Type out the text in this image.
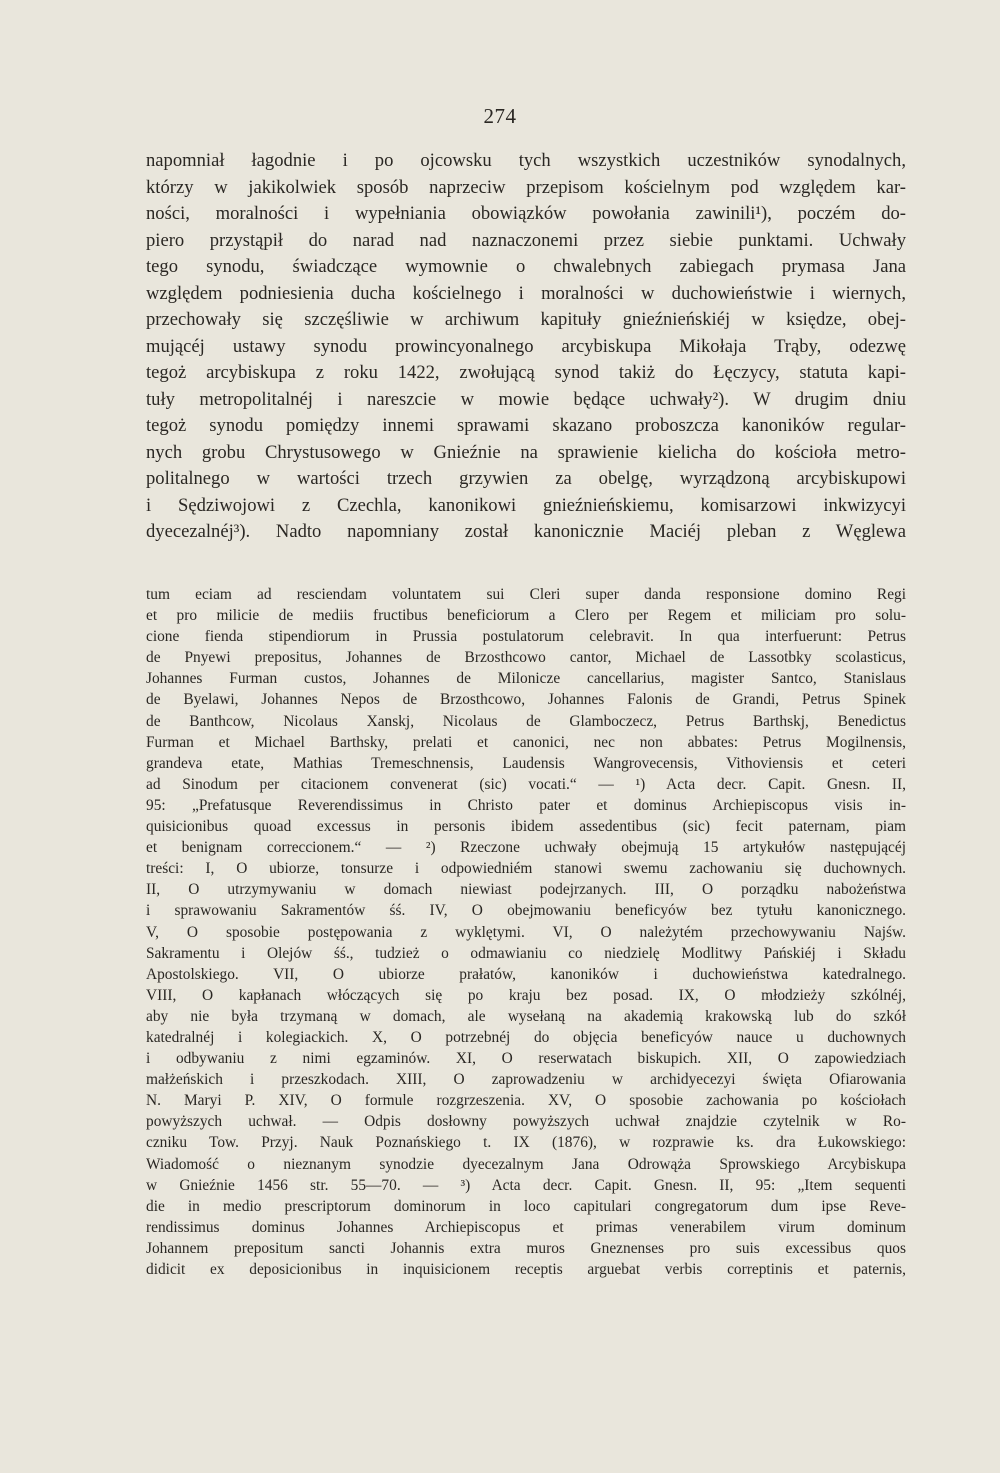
274
napomniał łagodnie i po ojcowsku tych wszystkich uczestników synodalnych,
którzy w jakikolwiek sposób naprzeciw przepisom kościelnym pod względem kar-
ności, moralności i wypełniania obowiązków powołania zawinili¹), poczém do-
piero przystąpił do narad nad naznaczonemi przez siebie punktami. Uchwały
tego synodu, świadczące wymownie o chwalebnych zabiegach prymasa Jana
względem podniesienia ducha kościelnego i moralności w duchowieństwie i wiernych,
przechowały się szczęśliwie w archiwum kapituły gnieźnieńskiéj w księdze, obej-
mującéj ustawy synodu prowincyonalnego arcybiskupa Mikołaja Trąby, odezwę
tegoż arcybiskupa z roku 1422, zwołującą synod takiż do Łęczycy, statuta kapi-
tuły metropolitalnéj i nareszcie w mowie będące uchwały²). W drugim dniu
tegoż synodu pomiędzy innemi sprawami skazano proboszcza kanoników regular-
nych grobu Chrystusowego w Gnieźnie na sprawienie kielicha do kościoła metro-
politalnego w wartości trzech grzywien za obelgę, wyrządzoną arcybiskupowi
i Sędziwojowi z Czechla, kanonikowi gnieźnieńskiemu, komisarzowi inkwizycyi
dyecezalnéj³). Nadto napomniany został kanonicznie Maciéj pleban z Węglewa
tum eciam ad resciendam voluntatem sui Cleri super danda responsione domino Regi
et pro milicie de mediis fructibus beneficiorum a Clero per Regem et miliciam pro solu-
cione fienda stipendiorum in Prussia postulatorum celebravit. In qua interfuerunt: Petrus
de Pnyewi prepositus, Johannes de Brzosthcowo cantor, Michael de Lassotbky scolasticus,
Johannes Furman custos, Johannes de Milonicze cancellarius, magister Santco, Stanislaus
de Byelawi, Johannes Nepos de Brzosthcowo, Johannes Falonis de Grandi, Petrus Spinek
de Banthcow, Nicolaus Xanskj, Nicolaus de Glamboczecz, Petrus Barthskj, Benedictus
Furman et Michael Barthsky, prelati et canonici, nec non abbates: Petrus Mogilnensis,
grandeva etate, Mathias Tremeschnensis, Laudensis Wangrovecensis, Vithoviensis et ceteri
ad Sinodum per citacionem convenerat (sic) vocati.“ — ¹) Acta decr. Capit. Gnesn. II,
95: „Prefatusque Reverendissimus in Christo pater et dominus Archiepiscopus visis in-
quisicionibus quoad excessus in personis ibidem assedentibus (sic) fecit paternam, piam
et benignam correccionem.“ — ²) Rzeczone uchwały obejmują 15 artykułów następującéj
treści: I, O ubiorze, tonsurze i odpowiedniém stanowi swemu zachowaniu się duchownych.
II, O utrzymywaniu w domach niewiast podejrzanych. III, O porządku nabożeństwa
i sprawowaniu Sakramentów śś. IV, O obejmowaniu beneficyów bez tytułu kanonicznego.
V, O sposobie postępowania z wyklętymi. VI, O należytém przechowywaniu Najśw.
Sakramentu i Olejów śś., tudzież o odmawianiu co niedzielę Modlitwy Pańskiéj i Składu
Apostolskiego. VII, O ubiorze prałatów, kanoników i duchowieństwa katedralnego.
VIII, O kapłanach włóczących się po kraju bez posad. IX, O młodzieży szkólnéj,
aby nie była trzymaną w domach, ale wysełaną na akademią krakowską lub do szkół
katedralnéj i kolegiackich. X, O potrzebnéj do objęcia beneficyów nauce u duchownych
i odbywaniu z nimi egzaminów. XI, O reserwatach biskupich. XII, O zapowiedziach
małżeńskich i przeszkodach. XIII, O zaprowadzeniu w archidyecezyi święta Ofiarowania
N. Maryi P. XIV, O formule rozgrzeszenia. XV, O sposobie zachowania po kościołach
powyższych uchwał. — Odpis dosłowny powyższych uchwał znajdzie czytelnik w Ro-
czniku Tow. Przyj. Nauk Poznańskiego t. IX (1876), w rozprawie ks. dra Łukowskiego:
Wiadomość o nieznanym synodzie dyecezalnym Jana Odrowąża Sprowskiego Arcybiskupa
w Gnieźnie 1456 str. 55—70. — ³) Acta decr. Capit. Gnesn. II, 95: „Item sequenti
die in medio prescriptorum dominorum in loco capitulari congregatorum dum ipse Reve-
rendissimus dominus Johannes Archiepiscopus et primas venerabilem virum dominum
Johannem prepositum sancti Johannis extra muros Gneznenses pro suis excessibus quos
didicit ex deposicionibus in inquisicionem receptis arguebat verbis correptinis et paternis,
